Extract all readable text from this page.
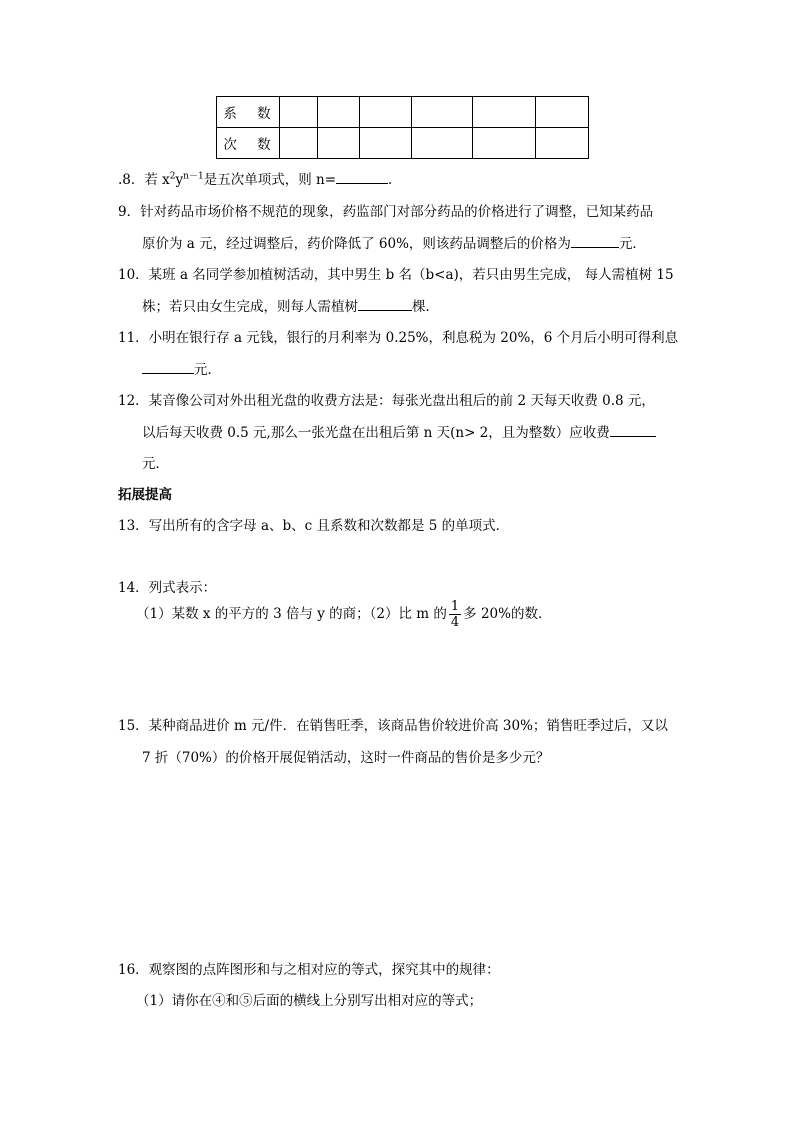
系 数						
次 数						
.8．若 $x^2y^{n-1}$是五次单项式，则 n=	．
9．针对药品市场价格不规范的现象，药监部门对部分药品的价格进行了调整，已知某药品
原价为 a 元，经过调整后，药价降低了 60%，则该药品调整后的价格为	元．
10．某班 a 名同学参加植树活动，其中男生 b 名（b<a)，若只由男生完成， 每人需植树 15
株；若只由女生完成，则每人需植树	棵．
11．小明在银行存 a 元钱，银行的月利率为 0.25%，利息税为 20%，6 个月后小明可得利息
元．
12．某音像公司对外出租光盘的收费方法是：每张光盘出租后的前 2 天每天收费 0.8 元，
以后每天收费 0.5 元,那么一张光盘在出租后第 n 天(n> 2，且为整数）应收费
元．
拓展提高
13．写出所有的含字母 a、b、c 且系数和次数都是 5 的单项式．
14．列式表示：
（1）某数 x 的平方的 3 倍与 y 的商；（2）比 m 的 $\frac{1}{4}$ 多 20%的数．
15．某种商品进价 m 元/件．在销售旺季，该商品售价较进价高 30%；销售旺季过后，又以
7 折（70%）的价格开展促销活动，这时一件商品的售价是多少元？
16．观察图的点阵图形和与之相对应的等式，探究其中的规律：
（1）请你在④和⑤后面的横线上分别写出相对应的等式；
